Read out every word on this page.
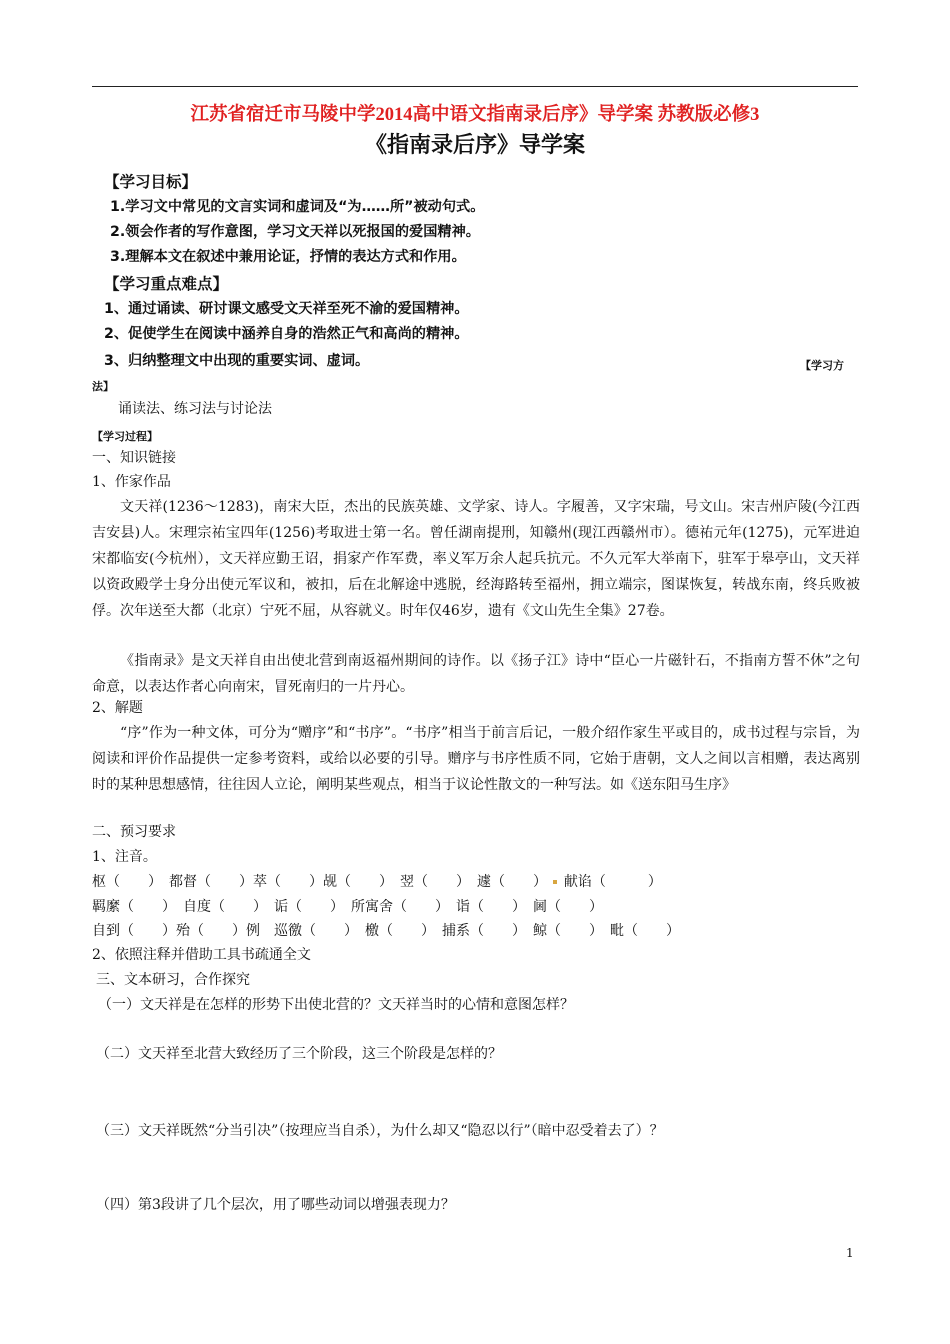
江苏省宿迁市马陵中学2014高中语文指南录后序》导学案 苏教版必修3
《指南录后序》导学案
【学习目标】
1.学习文中常见的文言实词和虚词及“为……所”被动句式。
2.领会作者的写作意图，学习文天祥以死报国的爱国精神。
3.理解本文在叙述中兼用论证，抒情的表达方式和作用。
【学习重点难点】
1、通过诵读、研讨课文感受文天祥至死不渝的爱国精神。
2、促使学生在阅读中涵养自身的浩然正气和高尚的精神。
3、归纳整理文中出现的重要实词、虚词。	【学习方
法】
诵读法、练习法与讨论法
【学习过程】
一、知识链接
1、作家作品
文天祥(1236～1283)，南宋大臣，杰出的民族英雄、文学家、诗人。字履善，又字宋瑞，号文山。宋吉州庐陵(今江西吉安县)人。宋理宗祐宝四年(1256)考取进士第一名。曾任湖南提刑，知赣州(现江西赣州市）。德祐元年(1275)，元军进迫宋都临安(今杭州），文天祥应勤王诏，捐家产作军费，率义军万余人起兵抗元。不久元军大举南下，驻军于皋亭山，文天祥以资政殿学士身分出使元军议和，被扣，后在北解途中逃脱，经海路转至福州，拥立端宗，图谋恢复，转战东南，终兵败被俘。次年送至大都（北京）宁死不屈，从容就义。时年仅46岁，遗有《文山先生全集》27卷。
《指南录》是文天祥自由出使北营到南返福州期间的诗作。以《扬子江》诗中“臣心一片磁针石，不指南方誓不休”之句命意，以表达作者心向南宋，冒死南归的一片丹心。
2、解题
“序”作为一种文体，可分为“赠序”和“书序”。“书序”相当于前言后记，一般介绍作家生平或目的，成书过程与宗旨，为阅读和评价作品提供一定参考资料，或给以必要的引导。赠序与书序性质不同，它始于唐朝，文人之间以言相赠，表达离别时的某种思想感情，往往因人立论，阐明某些观点，相当于议论性散文的一种写法。如《送东阳马生序》
二、预习要求
1、注音。
枢（　　）　都督（　　）萃（　　）觇（　　）　翌（　　）　遽（　　） 献谄（　　　）
羁縻（　　）　自度（　　）　诟（　　）　所寓舍（　　）　诣（　　）　阃（　　）
自到（　　）殆（　　）例　巡徼（　　）　檄（　　）　捕系（　　）　鲸（　　）　毗（　　）
2、依照注释并借助工具书疏通全文
三、文本研习，合作探究
（一）文天祥是在怎样的形势下出使北营的？文天祥当时的心情和意图怎样？
（二）文天祥至北营大致经历了三个阶段，这三个阶段是怎样的？
（三）文天祥既然“分当引决”（按理应当自杀），为什么却又“隐忍以行”（暗中忍受着去了）？
（四）第3段讲了几个层次，用了哪些动词以增强表现力？
1
